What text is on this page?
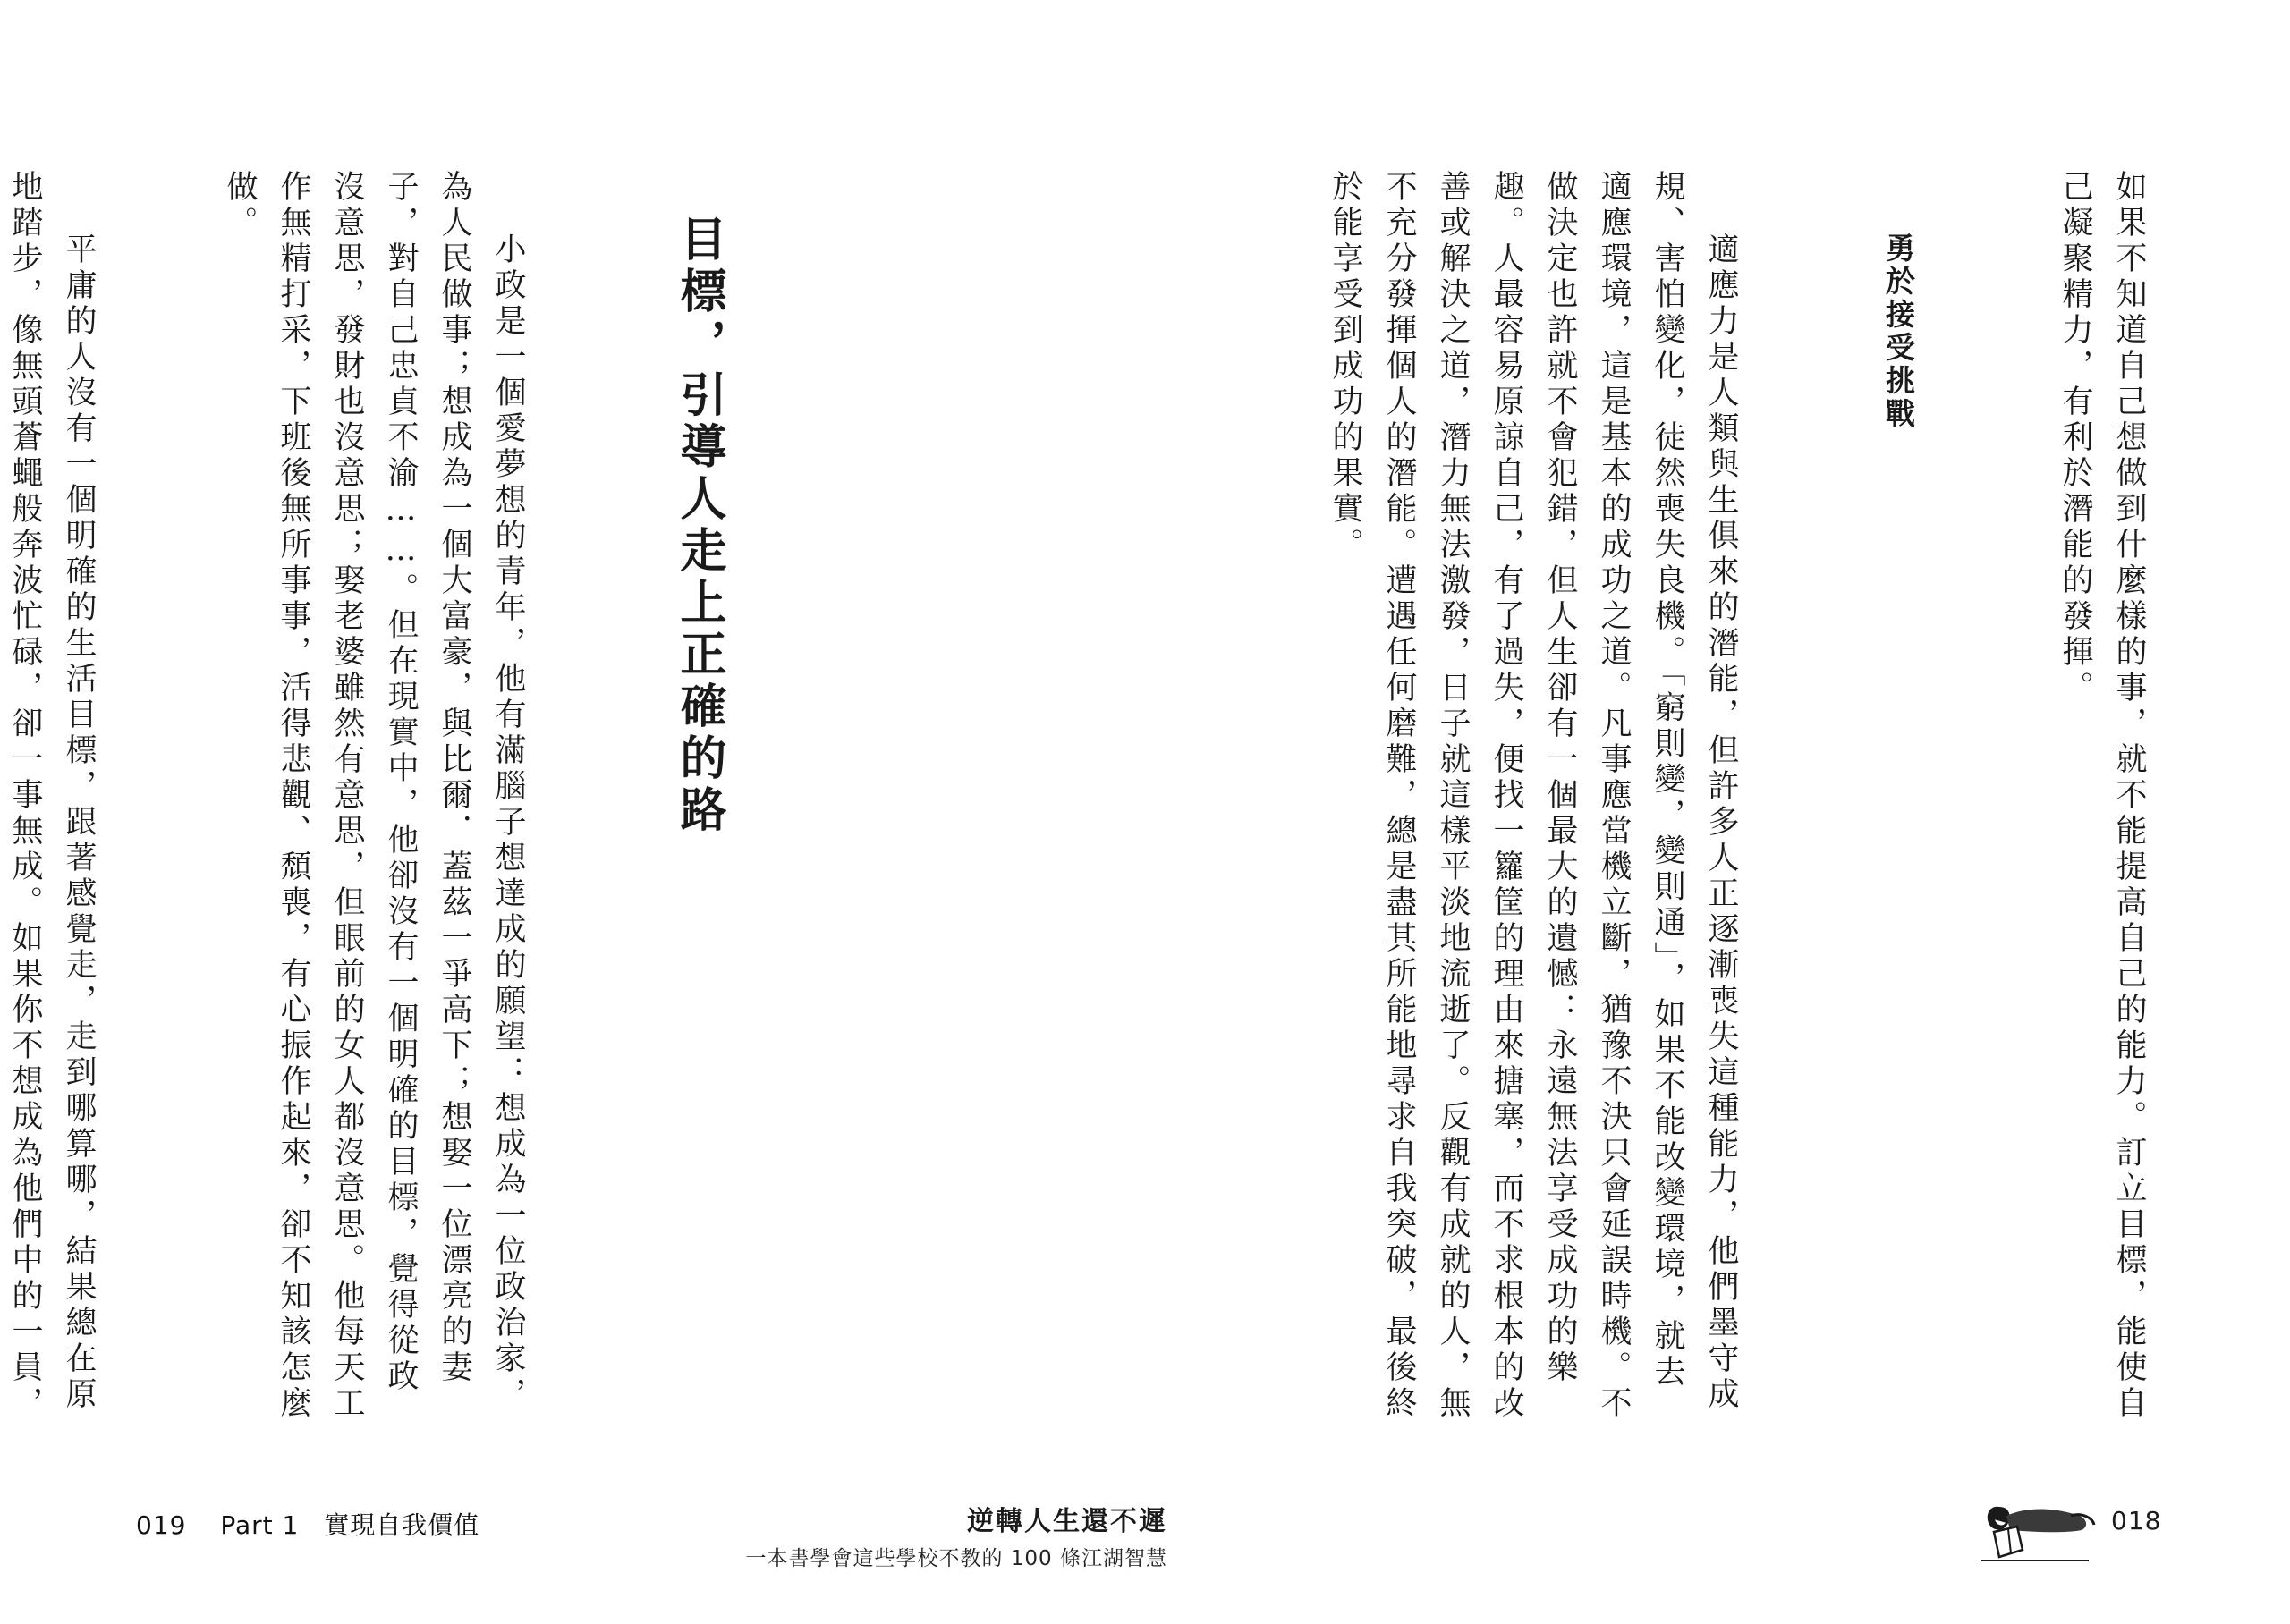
如果不知道自己想做到什麼樣的事，就不能提高自己的能力。訂立目標，能使自己凝聚精力，有利於潛能的發揮。

勇於接受挑戰

適應力是人類與生俱來的潛能，但許多人正逐漸喪失這種能力，他們墨守成規、害怕變化，徒然喪失良機。「窮則變，變則通」，如果不能改變環境，就去適應環境，這是基本的成功之道。凡事應當機立斷，猶豫不決只會延誤時機。不做決定也許就不會犯錯，但人生卻有一個最大的遺憾：永遠無法享受成功的樂趣。人最容易原諒自己，有了過失，便找一籮筐的理由來搪塞，而不求根本的改善或解決之道，潛力無法激發，日子就這樣平淡地流逝了。反觀有成就的人，無不充分發揮個人的潛能。遭遇任何磨難，總是盡其所能地尋求自我突破，最後終於能享受到成功的果實。

目標，引導人走上正確的路

小政是一個愛夢想的青年，他有滿腦子想達成的願望：想成為一位政治家，為人民做事；想成為一個大富豪，與比爾．蓋茲一爭高下；想娶一位漂亮的妻子，對自己忠貞不渝……。但在現實中，他卻沒有一個明確的目標，覺得從政沒意思，發財也沒意思；娶老婆雖然有意思，但眼前的女人都沒意思。他每天工作無精打采，下班後無所事事，活得悲觀、頹喪，有心振作起來，卻不知該怎麼做。

平庸的人沒有一個明確的生活目標，跟著感覺走，走到哪算哪，結果總在原地踏步，像無頭蒼蠅般奔波忙碌，卻一事無成。如果你不想成為他們中的一員，

019 Part 1 實現自我價值	逆轉人生還不遲
一本書學會這些學校不教的 100 條江湖智慧
018
